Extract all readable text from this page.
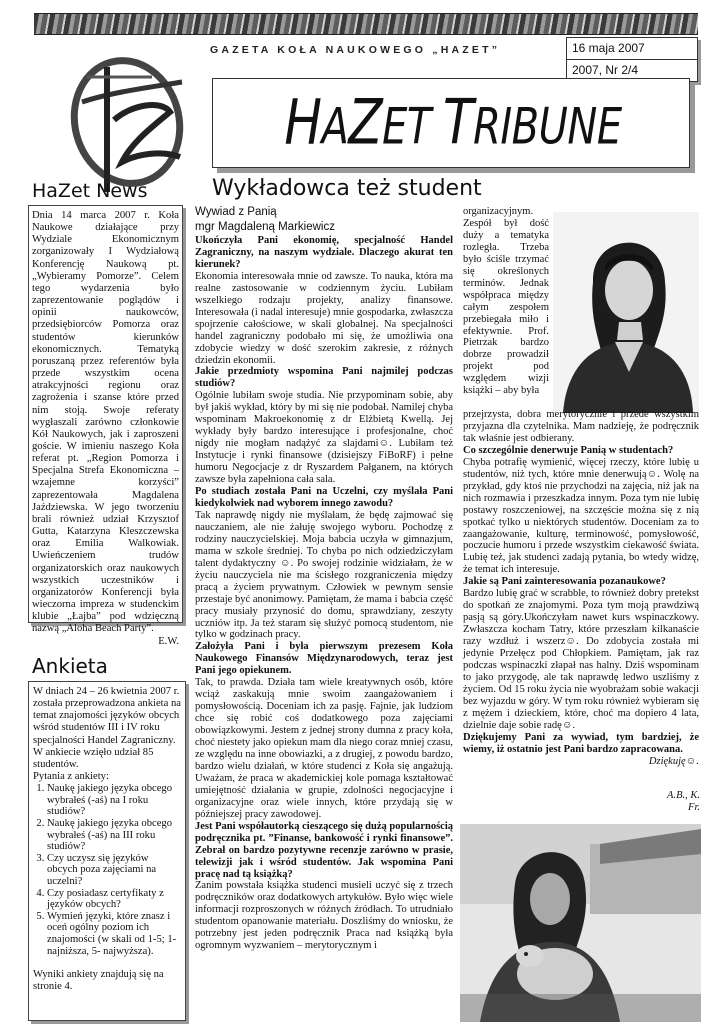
GAZETA KOŁA NAUKOWEGO „HAZET”	16 maja 2007
2007, Nr 2/4
HAZET TRIBUNE
HaZet News

Dnia 14 marca 2007 r. Koła Naukowe działające przy Wydziale Ekonomicznym zorganizowały I Wydziałową Konferencję Naukową pt. „Wybieramy Pomorze”. Celem tego wydarzenia było zaprezentowanie poglądów i opinii naukowców, przedsiębiorców Pomorza oraz studentów kierunków ekonomicznych. Tematyką poruszaną przez referentów była przede wszystkim ocena atrakcyjności regionu oraz zagrożenia i szanse które przed nim stoją. Swoje referaty wygłaszali zarówno członkowie Kół Naukowych, jak i zaproszeni goście. W imieniu naszego Koła referat pt. „Region Pomorza i Specjalna Strefa Ekonomiczna – wzajemne korzyści” zaprezentowała Magdalena Jaździewska. W jego tworzeniu brali również udział Krzysztof Gutta, Katarzyna Kleszczewska oraz Emilia Walkowiak. Uwieńczeniem trudów organizatorskich oraz naukowych wszystkich uczestników i organizatorów Konferencji była wieczorna impreza w studenckim klubie „Łajba” pod wdzięczną nazwą „Aloha Beach Party”.

E.W.
Ankieta

W dniach 24 – 26 kwietnia 2007 r. została przeprowadzona ankieta na temat znajomości języków obcych wśród studentów III i IV roku specjalności Handel Zagraniczny. W ankiecie wzięło udział 85 studentów.

Pytania z ankiety:
1. Naukę jakiego języka obcego wybrałeś (-aś) na I roku studiów?
2. Naukę jakiego języka obcego wybrałeś (-aś) na III roku studiów?
3. Czy uczysz się języków obcych poza zajęciami na uczelni?
4. Czy posiadasz certyfikaty z języków obcych?
5. Wymień języki, które znasz i oceń ogólny poziom ich znajomości (w skali od 1-5; 1- najniższa, 5- najwyższa).

Wyniki ankiety znajdują się na stronie 4.

Wykładowca też student
Wywiad z Panią
mgr Magdaleną Markiewicz

Ukończyła Pani ekonomię, specjalność Handel Zagraniczny, na naszym wydziale. Dlaczego akurat ten kierunek?

Ekonomia interesowała mnie od zawsze. To nauka, która ma realne zastosowanie w codziennym życiu. Lubiłam wszelkiego rodzaju projekty, analizy finansowe. Interesowała (i nadal interesuje) mnie gospodarka, zwłaszcza spojrzenie całościowe, w skali globalnej. Na specjalności handel zagraniczny podobało mi się, że umożliwia ona zdobycie wiedzy w dość szerokim zakresie, z różnych dziedzin ekonomii.

Jakie przedmioty wspomina Pani najmilej podczas studiów?

Ogólnie lubiłam swoje studia. Nie przypominam sobie, aby był jakiś wykład, który by mi się nie podobał. Namilej chyba wspominam Makroekonomię z dr Elżbietą Kwellą. Jej wykłady były bardzo interesujące i profesjonalne, choć nigdy nie mogłam nadążyć za slajdami☺. Lubiłam też Instytucje i rynki finansowe (dzisiejszy FiBoRF) i pełne humoru Negocjacje z dr Ryszardem Pałganem, na których zawsze była zapełniona cała sala.

Po studiach została Pani na Uczelni, czy myślała Pani kiedykolwiek nad wyborem innego zawodu?

Tak naprawdę nigdy nie myślałam, że będę zajmować się nauczaniem, ale nie żałuję swojego wyboru. Pochodzę z rodziny nauczycielskiej. Moja babcia uczyła w gimnazjum, mama w szkole średniej. To chyba po nich odziedziczyłam talent dydaktyczny ☺. Po swojej rodzinie widziałam, że w życiu nauczyciela nie ma ścisłego rozgraniczenia między pracą a życiem prywatnym. Człowiek w pewnym sensie przestaje być anonimowy. Pamiętam, że mama i babcia część pracy musiały przynosić do domu, sprawdziany, zeszyty uczniów itp. Ja też staram się służyć pomocą studentom, nie tylko w godzinach pracy.

Założyła Pani i była pierwszym prezesem Koła Naukowego Finansów Międzynarodowych, teraz jest Pani jego opiekunem.

Tak, to prawda. Działa tam wiele kreatywnych osób, które wciąż zaskakują mnie swoim zaangażowaniem i pomysłowością. Doceniam ich za pasję. Fajnie, jak ludziom chce się robić coś dodatkowego poza zajęciami obowiązkowymi. Jestem z jednej strony dumna z pracy koła, choć niestety jako opiekun mam dla niego coraz mniej czasu, ze względu na inne obowiazki, a z drugiej, z powodu bardzo, bardzo wielu działań, w które studenci z Koła się angażują. Uważam, że praca w akademickiej kole pomaga kształtować umiejętność działania w grupie, zdolności negocjacyjne i organizacyjne oraz wiele innych, które przydają się w późniejszej pracy zawodowej.

Jest Pani współautorką cieszącego się dużą popularnością podręcznika pt. ”Finanse, bankowość i rynki finansowe”. Zebrał on bardzo pozytywne recenzje zarówno w prasie, telewizji jak i wśród studentów. Jak wspomina Pani pracę nad tą książką?

Zanim powstała książka studenci musieli uczyć się z trzech podręczników oraz dodatkowych artykułów. Było więc wiele informacji rozproszonych w różnych źródłach. To utrudniało studentom opanowanie materiału. Doszliśmy do wniosku, że potrzebny jest jeden podręcznik Praca nad książką była ogromnym wyzwaniem – merytorycznym i

organizacyjnym. Zespół był dość duży a tematyka rozległa. Trzeba było ściśle trzymać się określonych terminów. Jednak współpraca między całym zespołem przebiegała miło i efektywnie. Prof. Pietrzak bardzo dobrze prowadził projekt pod względem wizji książki – aby była

przejrzysta, dobra merytorycznie i przede wszystkim przyjazna dla czytelnika. Mam nadzieję, że podręcznik tak właśnie jest odbierany.

Co szczególnie denerwuje Panią w studentach?

Chyba potrafię wymienić, więcej rzeczy, które lubię u studentów, niż tych, które mnie denerwują☺. Wolę na przykład, gdy ktoś nie przychodzi na zajęcia, niż jak na nich rozmawia i przeszkadza innym. Poza tym nie lubię postawy roszczeniowej, na szczęście można się z nią spotkać tylko u niektórych studentów. Doceniam za to zaangażowanie, kulturę, terminowość, pomysłowość, poczucie humoru i przede wszystkim ciekawość świata. Lubię też, jak studenci zadają pytania, bo wtedy widzę, że temat ich interesuje.

Jakie są Pani zainteresowania pozanaukowe?

Bardzo lubię grać w scrabble, to również dobry pretekst do spotkań ze znajomymi. Poza tym moją prawdziwą pasją są góry.Ukończyłam nawet kurs wspinaczkowy. Zwłaszcza kocham Tatry, które przeszłam kilkanaście razy wzdłuż i wszerz☺. Do zdobycia została mi jedynie Przełęcz pod Chłopkiem. Pamiętam, jak raz podczas wspinaczki złapał nas halny. Dziś wspominam to jako przygodę, ale tak naprawdę ledwo uszliśmy z życiem. Od 15 roku życia nie wyobrażam sobie wakacji bez wyjazdu w góry. W tym roku również wybieram się z mężem i dzieckiem, które, choć ma dopiero 4 lata, dzielnie daje sobie radę☺.

Dziękujemy Pani za wywiad, tym bardziej, że wiemy, iż ostatnio jest Pani bardzo zapracowana.

Dziękuję☺.
A.B., K.
Fr.
